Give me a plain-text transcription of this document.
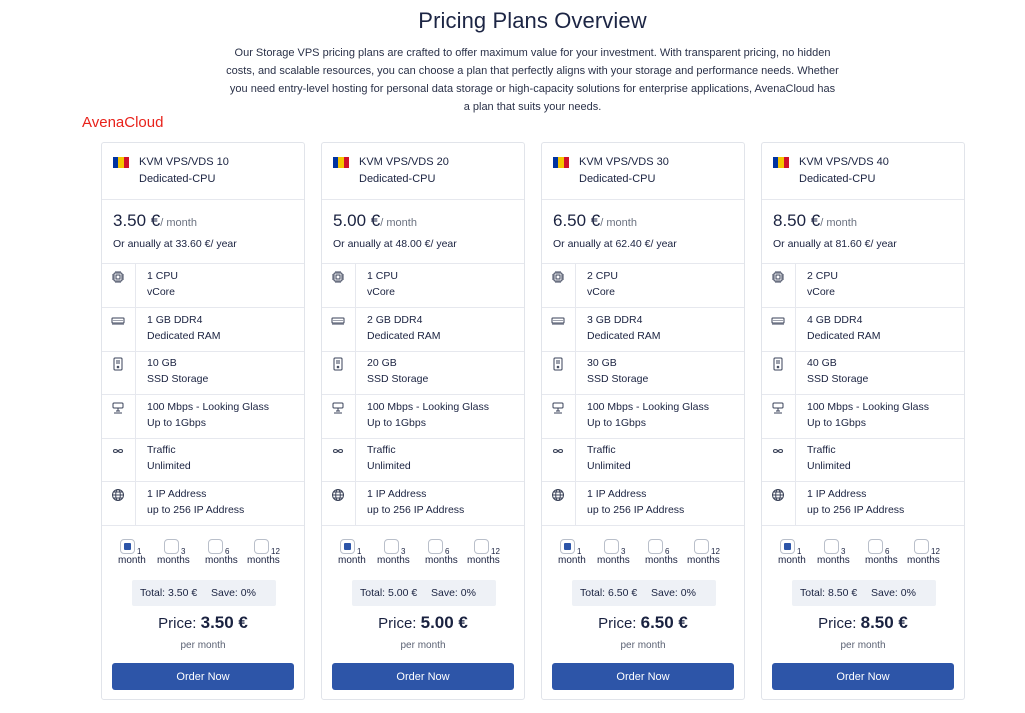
Pricing Plans Overview
Our Storage VPS pricing plans are crafted to offer maximum value for your investment. With transparent pricing, no hidden
costs, and scalable resources, you can choose a plan that perfectly aligns with your storage and performance needs. Whether
you need entry-level hosting for personal data storage or high-capacity solutions for enterprise applications, AvenaCloud has
a plan that suits your needs.
AvenaCloud
KVM VPS/VDS 10
Dedicated-CPU
3.50 €/ month
Or anually at 33.60 €/ year
1 CPU
vCore
1 GB DDR4
Dedicated RAM
10 GB
SSD Storage
100 Mbps - Looking Glass
Up to 1Gbps
Traffic
Unlimited
1 IP Address
up to 256 IP Address
1
month
3
months
6
months
12
months
Total: 3.50 € Save: 0%
Price: 3.50 €
per month
Order Now
KVM VPS/VDS 20
Dedicated-CPU
5.00 €/ month
Or anually at 48.00 €/ year
1 CPU
vCore
2 GB DDR4
Dedicated RAM
20 GB
SSD Storage
100 Mbps - Looking Glass
Up to 1Gbps
Traffic
Unlimited
1 IP Address
up to 256 IP Address
1
month
3
months
6
months
12
months
Total: 5.00 € Save: 0%
Price: 5.00 €
per month
Order Now
KVM VPS/VDS 30
Dedicated-CPU
6.50 €/ month
Or anually at 62.40 €/ year
2 CPU
vCore
3 GB DDR4
Dedicated RAM
30 GB
SSD Storage
100 Mbps - Looking Glass
Up to 1Gbps
Traffic
Unlimited
1 IP Address
up to 256 IP Address
1
month
3
months
6
months
12
months
Total: 6.50 € Save: 0%
Price: 6.50 €
per month
Order Now
KVM VPS/VDS 40
Dedicated-CPU
8.50 €/ month
Or anually at 81.60 €/ year
2 CPU
vCore
4 GB DDR4
Dedicated RAM
40 GB
SSD Storage
100 Mbps - Looking Glass
Up to 1Gbps
Traffic
Unlimited
1 IP Address
up to 256 IP Address
1
month
3
months
6
months
12
months
Total: 8.50 € Save: 0%
Price: 8.50 €
per month
Order Now
